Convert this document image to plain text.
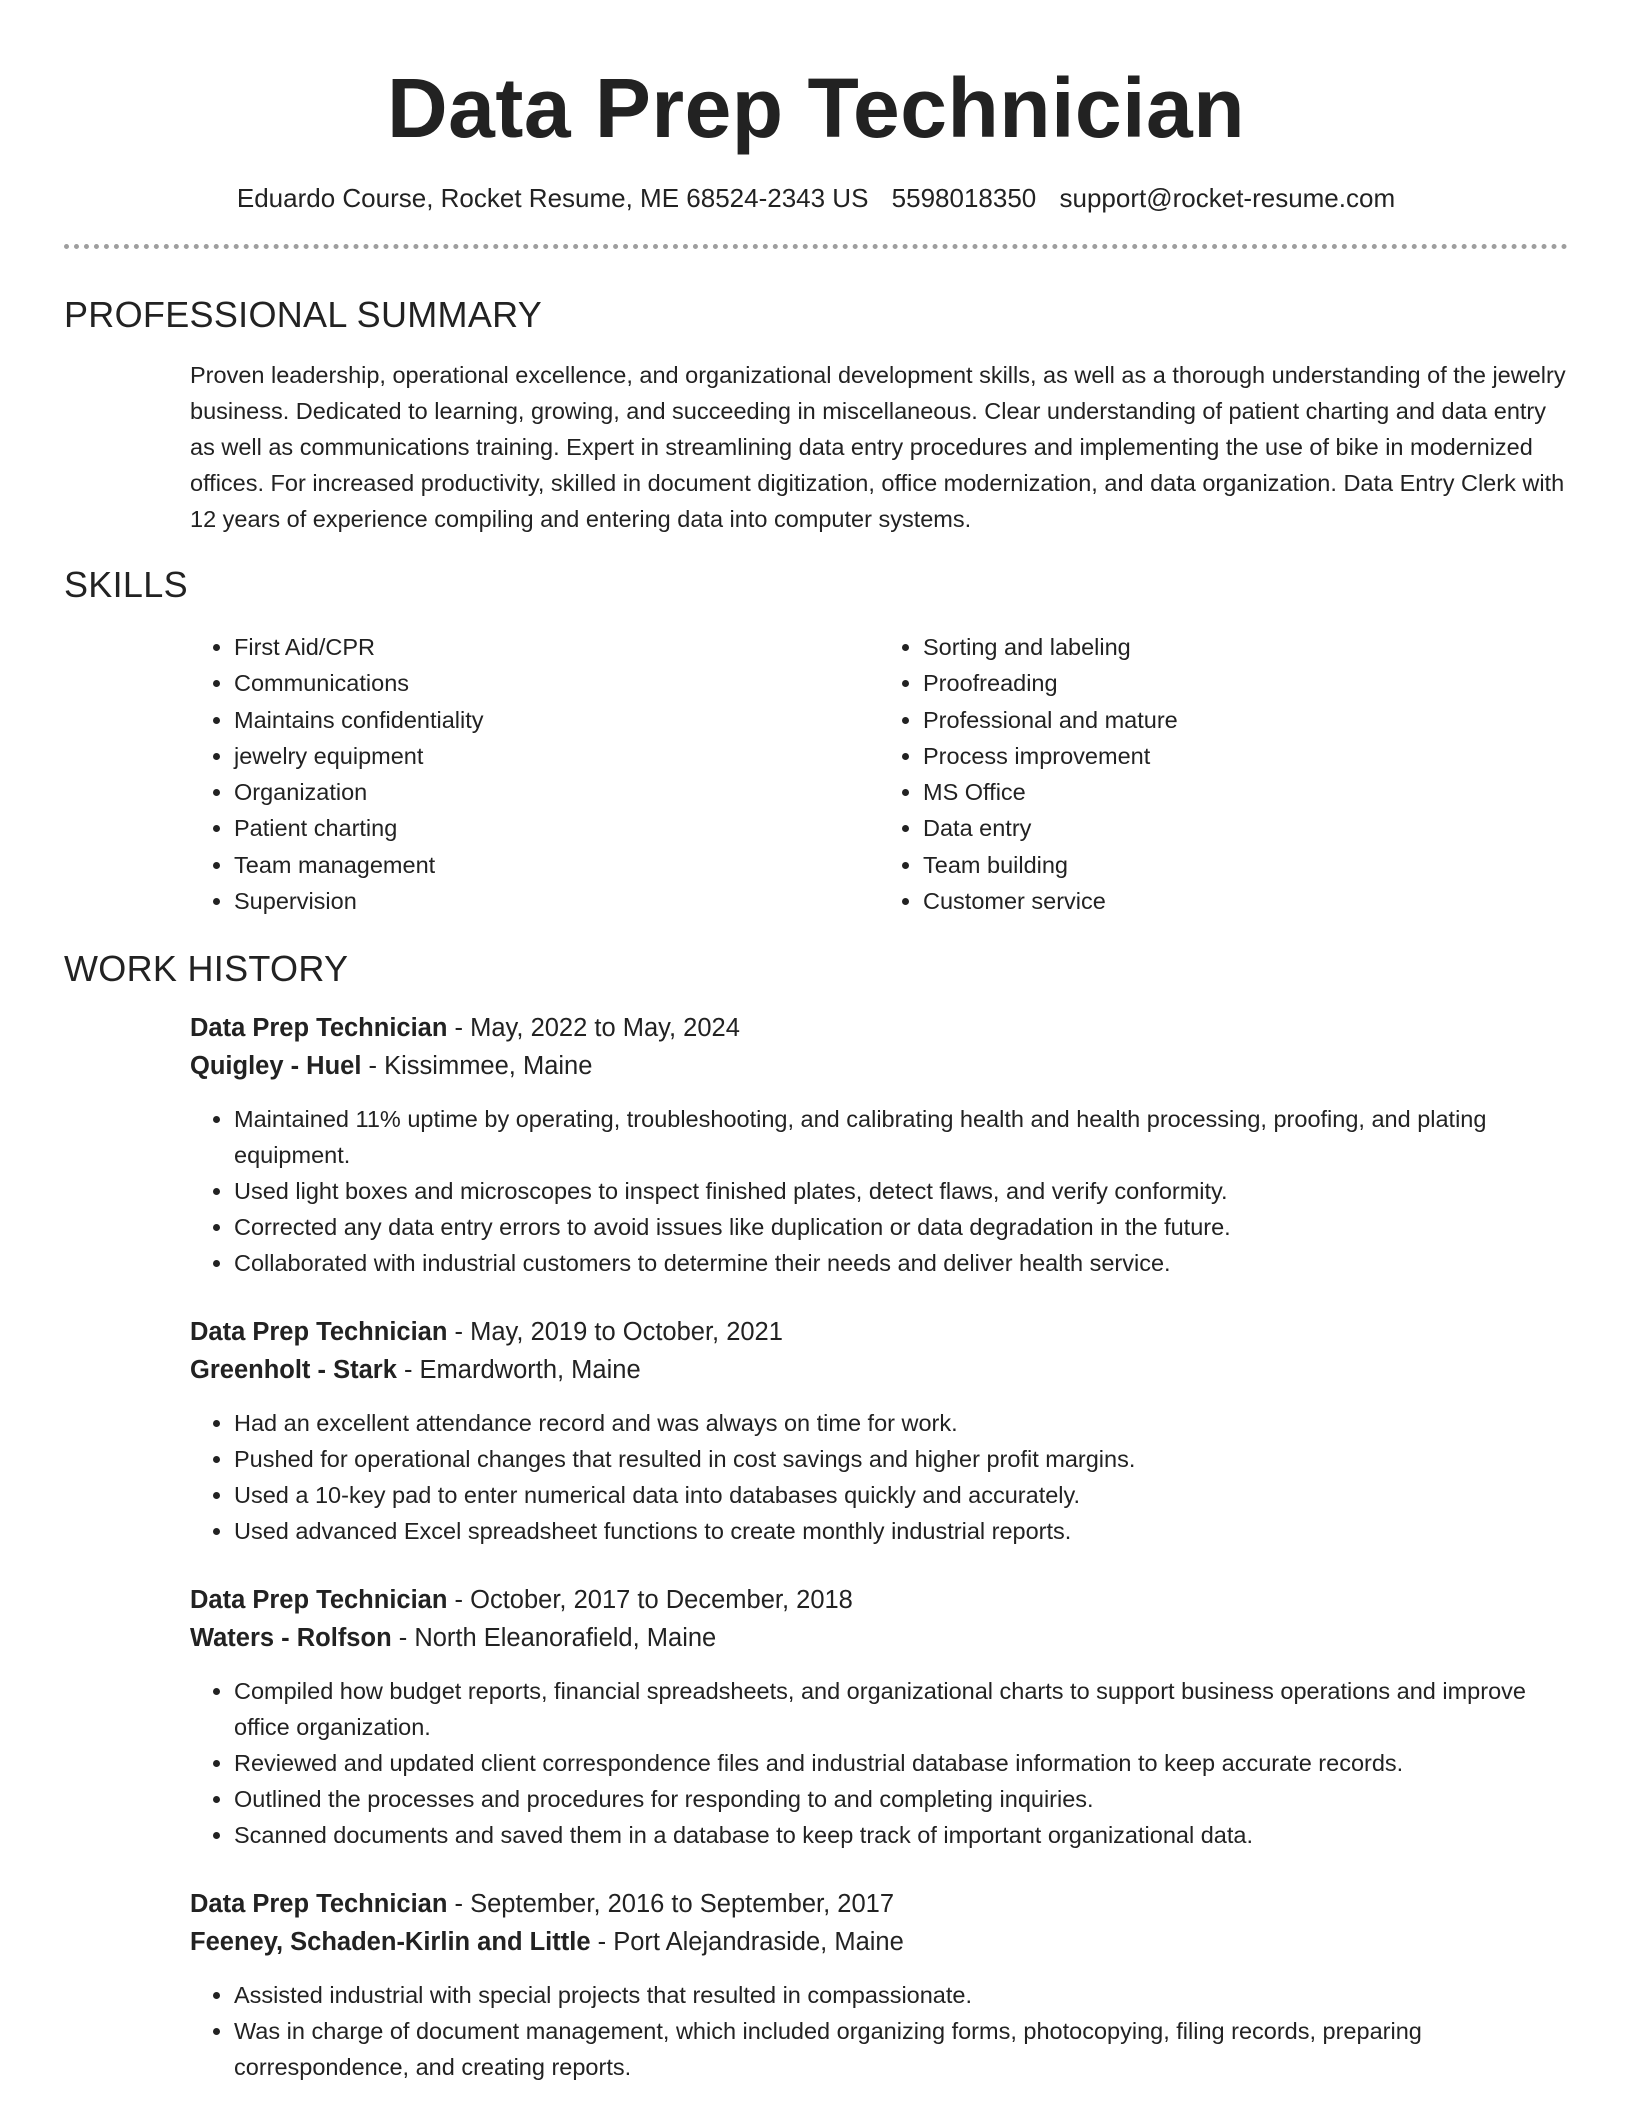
Data Prep Technician
Eduardo Course, Rocket Resume, ME 68524-2343 US 5598018350 support@rocket-resume.com
PROFESSIONAL SUMMARY

Proven leadership, operational excellence, and organizational development skills, as well as a thorough understanding of the jewelry business. Dedicated to learning, growing, and succeeding in miscellaneous. Clear understanding of patient charting and data entry as well as communications training. Expert in streamlining data entry procedures and implementing the use of bike in modernized offices. For increased productivity, skilled in document digitization, office modernization, and data organization. Data Entry Clerk with 12 years of experience compiling and entering data into computer systems.

SKILLS
• First Aid/CPR
• Communications
• Maintains confidentiality
• jewelry equipment
• Organization
• Patient charting
• Team management
• Supervision
• Sorting and labeling
• Proofreading
• Professional and mature
• Process improvement
• MS Office
• Data entry
• Team building
• Customer service
WORK HISTORY
Data Prep Technician - May, 2022 to May, 2024
Quigley - Huel - Kissimmee, Maine
• Maintained 11% uptime by operating, troubleshooting, and calibrating health and health processing, proofing, and plating equipment.
• Used light boxes and microscopes to inspect finished plates, detect flaws, and verify conformity.
• Corrected any data entry errors to avoid issues like duplication or data degradation in the future.
• Collaborated with industrial customers to determine their needs and deliver health service.
Data Prep Technician - May, 2019 to October, 2021
Greenholt - Stark - Emardworth, Maine
• Had an excellent attendance record and was always on time for work.
• Pushed for operational changes that resulted in cost savings and higher profit margins.
• Used a 10-key pad to enter numerical data into databases quickly and accurately.
• Used advanced Excel spreadsheet functions to create monthly industrial reports.
Data Prep Technician - October, 2017 to December, 2018
Waters - Rolfson - North Eleanorafield, Maine
• Compiled how budget reports, financial spreadsheets, and organizational charts to support business operations and improve office organization.
• Reviewed and updated client correspondence files and industrial database information to keep accurate records.
• Outlined the processes and procedures for responding to and completing inquiries.
• Scanned documents and saved them in a database to keep track of important organizational data.
Data Prep Technician - September, 2016 to September, 2017
Feeney, Schaden-Kirlin and Little - Port Alejandraside, Maine
• Assisted industrial with special projects that resulted in compassionate.
• Was in charge of document management, which included organizing forms, photocopying, filing records, preparing correspondence, and creating reports.
